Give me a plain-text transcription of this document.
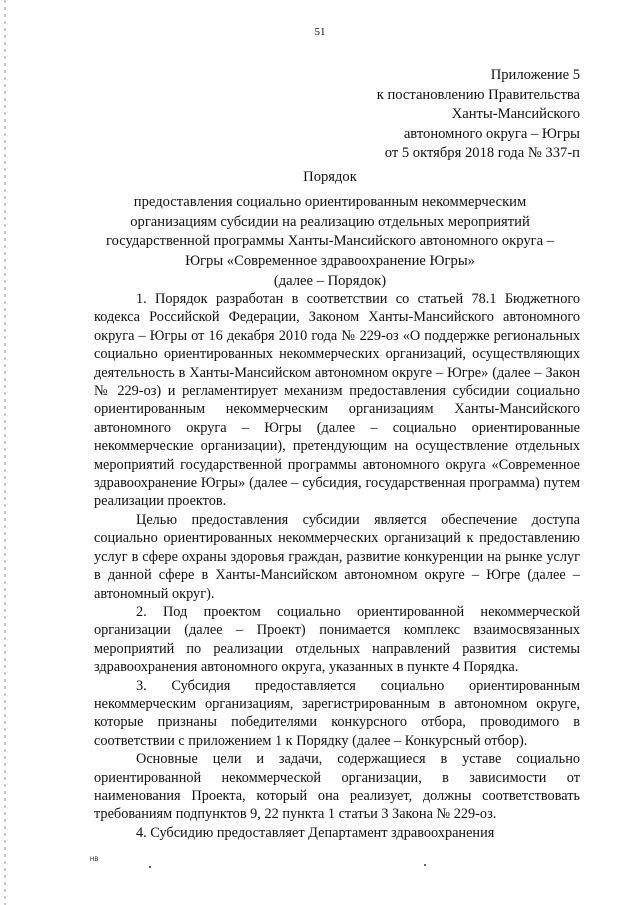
51
Приложение 5
к постановлению Правительства
Ханты-Мансийского
автономного округа – Югры
от 5 октября 2018 года № 337-п
Порядок
предоставления социально ориентированным некоммерческим
организациям субсидии на реализацию отдельных мероприятий
государственной программы Ханты-Мансийского автономного округа –
Югры «Современное здравоохранение Югры»
(далее – Порядок)

1. Порядок разработан в соответствии со статьей 78.1 Бюджетного кодекса Российской Федерации, Законом Ханты-Мансийского автономного округа – Югры от 16 декабря 2010 года № 229-оз «О поддержке региональных социально ориентированных некоммерческих организаций, осуществляющих деятельность в Ханты-Мансийском автономном округе – Югре» (далее – Закон № 229-оз) и регламентирует механизм предоставления субсидии социально ориентированным некоммерческим организациям Ханты-Мансийского автономного округа – Югры (далее – социально ориентированные некоммерческие организации), претендующим на осуществление отдельных мероприятий государственной программы автономного округа «Современное здравоохранение Югры» (далее – субсидия, государственная программа) путем реализации проектов.

Целью предоставления субсидии является обеспечение доступа социально ориентированных некоммерческих организаций к предоставлению услуг в сфере охраны здоровья граждан, развитие конкуренции на рынке услуг в данной сфере в Ханты-Мансийском автономном округе – Югре (далее – автономный округ).

2. Под проектом социально ориентированной некоммерческой организации (далее – Проект) понимается комплекс взаимосвязанных мероприятий по реализации отдельных направлений развития системы здравоохранения автономного округа, указанных в пункте 4 Порядка.

3. Субсидия предоставляется социально ориентированным некоммерческим организациям, зарегистрированным в автономном округе, которые признаны победителями конкурсного отбора, проводимого в соответствии с приложением 1 к Порядку (далее – Конкурсный отбор).

Основные цели и задачи, содержащиеся в уставе социально ориентированной некоммерческой организации, в зависимости от наименования Проекта, который она реализует, должны соответствовать требованиям подпунктов 9, 22 пункта 1 статьи 3 Закона № 229-оз.

4. Субсидию предоставляет Департамент здравоохранения

НВ
